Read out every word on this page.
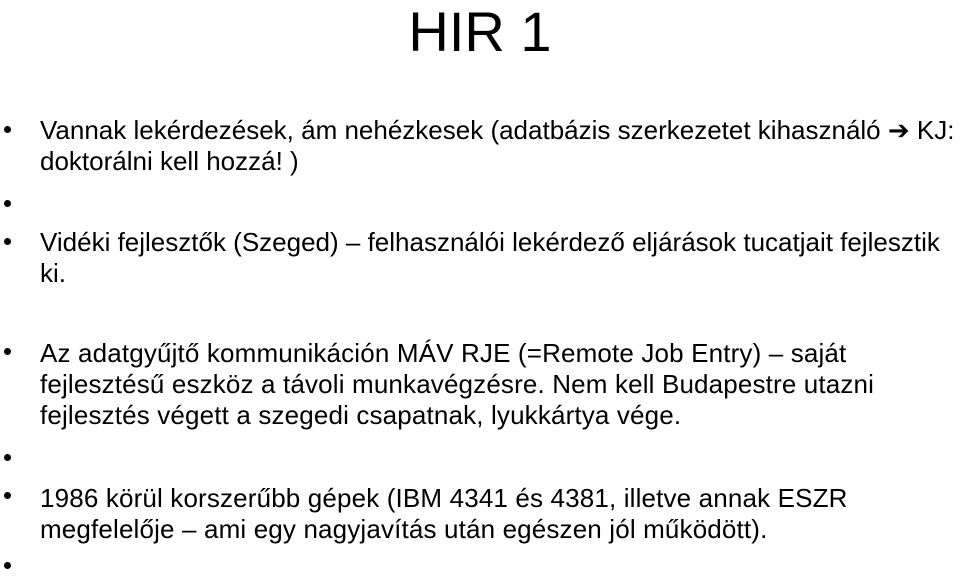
HIR 1
Vannak lekérdezések, ám nehézkesek (adatbázis szerkezetet kihasználó ➔ KJ: doktorálni kell hozzá! )
Vidéki fejlesztők (Szeged) – felhasználói lekérdező eljárások tucatjait fejlesztik ki.
Az adatgyűjtő kommunikáción MÁV RJE (=Remote Job Entry) – saját fejlesztésű eszköz a távoli munkavégzésre. Nem kell Budapestre utazni fejlesztés végett a szegedi csapatnak, lyukkártya vége.
1986 körül korszerűbb gépek (IBM 4341 és 4381, illetve annak ESZR megfelelője – ami egy nagyjavítás után egészen jól működött).
